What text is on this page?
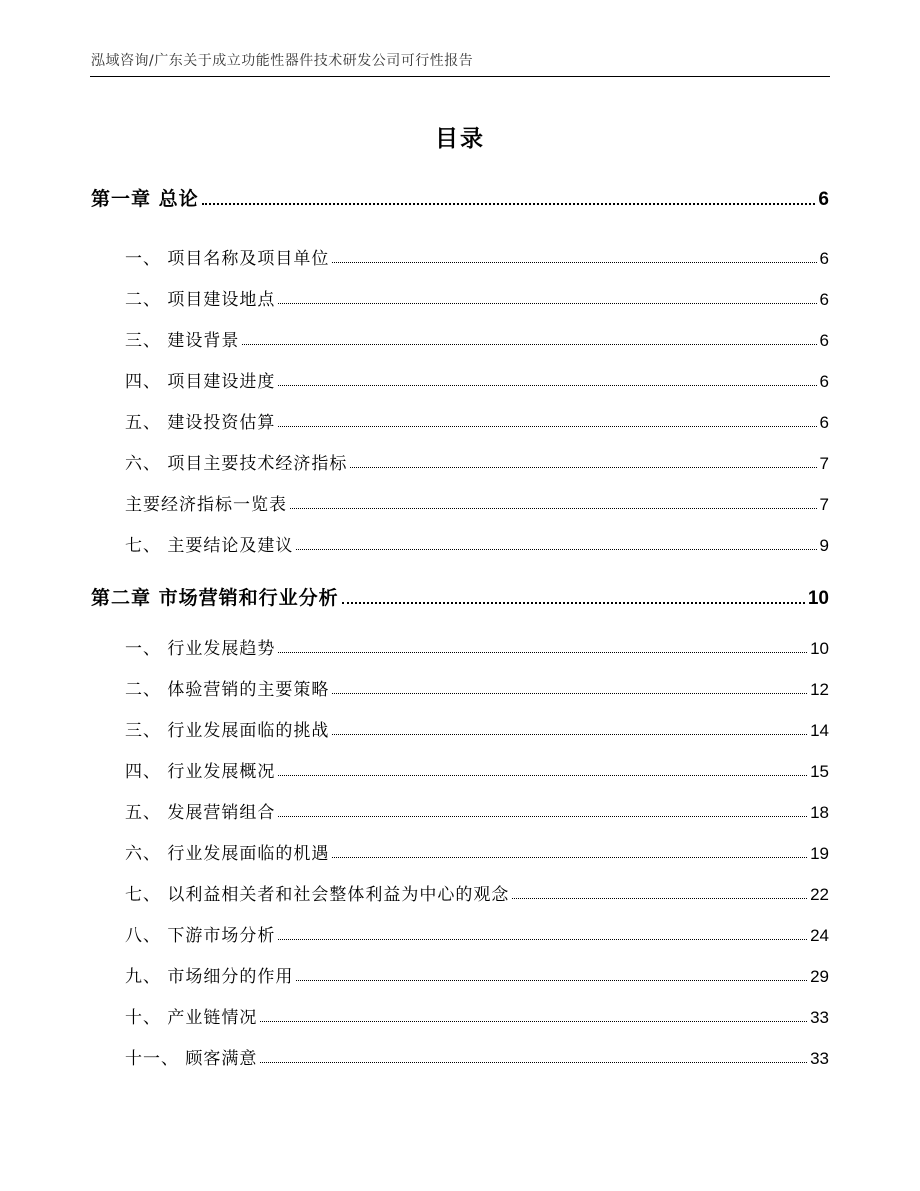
泓域咨询/广东关于成立功能性器件技术研发公司可行性报告
目录
第一章 总论	6
一、 项目名称及项目单位	6
二、 项目建设地点	6
三、 建设背景	6
四、 项目建设进度	6
五、 建设投资估算	6
六、 项目主要技术经济指标	7
主要经济指标一览表	7
七、 主要结论及建议	9
第二章 市场营销和行业分析	10
一、 行业发展趋势	10
二、 体验营销的主要策略	12
三、 行业发展面临的挑战	14
四、 行业发展概况	15
五、 发展营销组合	18
六、 行业发展面临的机遇	19
七、 以利益相关者和社会整体利益为中心的观念	22
八、 下游市场分析	24
九、 市场细分的作用	29
十、 产业链情况	33
十一、 顾客满意	33
